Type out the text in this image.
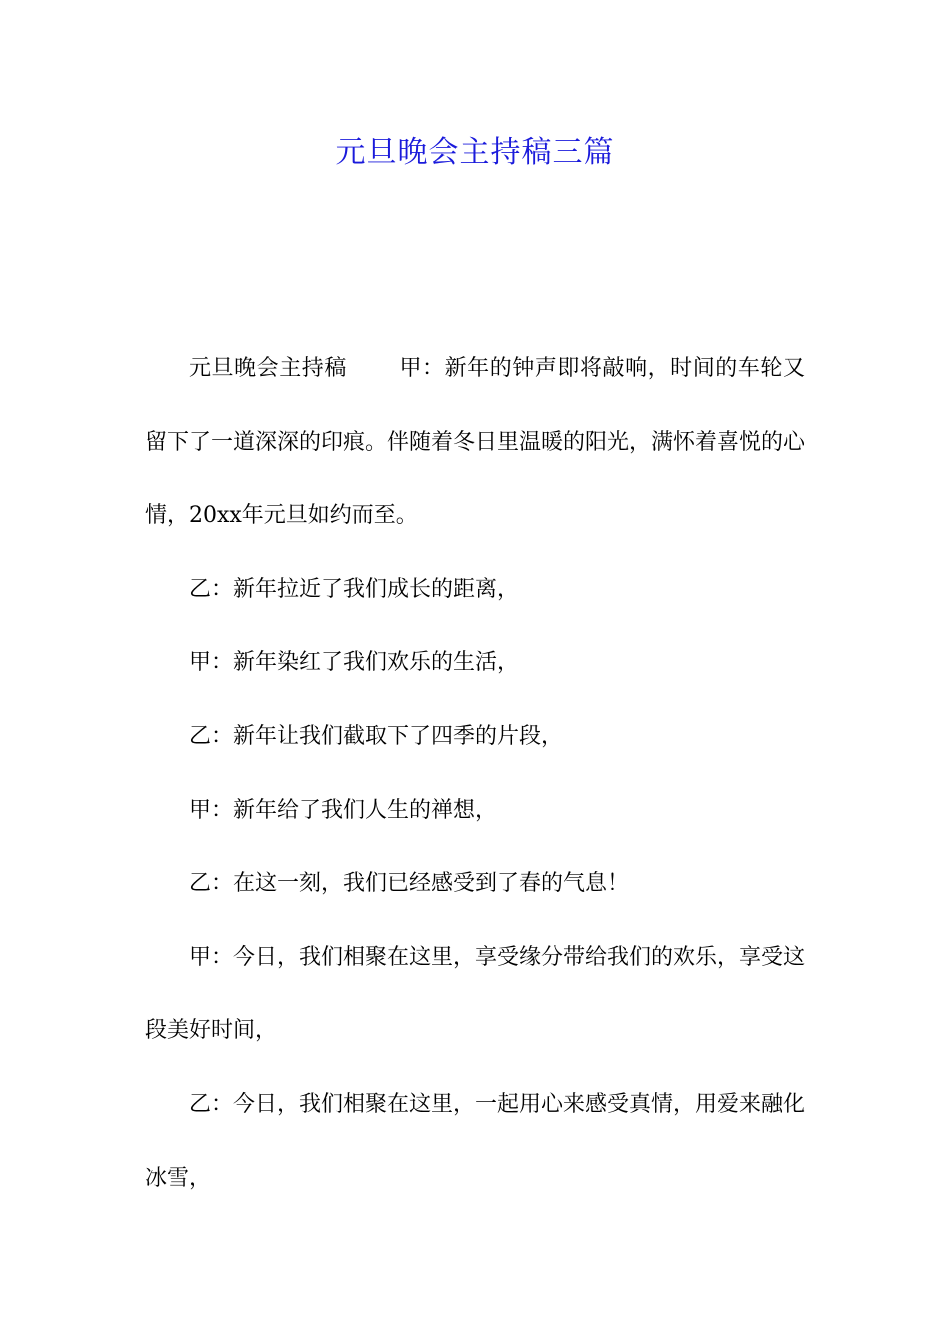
元旦晚会主持稿三篇

元旦晚会主持稿 甲：新年的钟声即将敲响，时间的车轮又留下了一道深深的印痕。伴随着冬日里温暖的阳光，满怀着喜悦的心情，20xx年元旦如约而至。

乙：新年拉近了我们成长的距离，

甲：新年染红了我们欢乐的生活，

乙：新年让我们截取下了四季的片段，

甲：新年给了我们人生的禅想，

乙：在这一刻，我们已经感受到了春的气息！

甲：今日，我们相聚在这里，享受缘分带给我们的欢乐，享受这段美好时间，

乙：今日，我们相聚在这里，一起用心来感受真情，用爱来融化冰雪，
